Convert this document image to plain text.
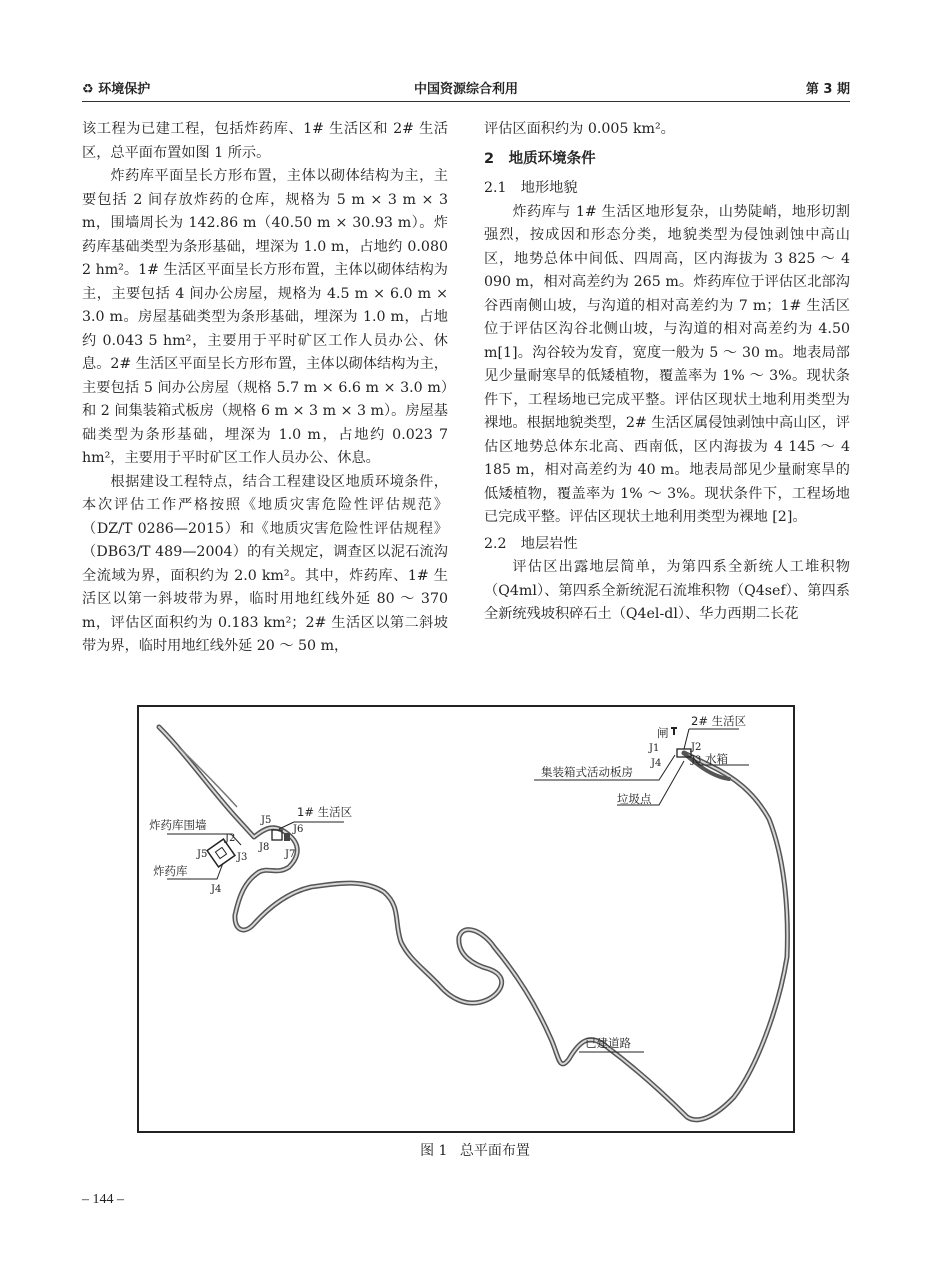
♻ 环境保护	中国资源综合利用	第 3 期

该工程为已建工程，包括炸药库、1# 生活区和 2# 生活区，总平面布置如图 1 所示。

炸药库平面呈长方形布置，主体以砌体结构为主，主要包括 2 间存放炸药的仓库，规格为 5 m × 3 m × 3 m，围墙周长为 142.86 m（40.50 m × 30.93 m）。炸药库基础类型为条形基础，埋深为 1.0 m，占地约 0.080 2 hm²。1# 生活区平面呈长方形布置，主体以砌体结构为主，主要包括 4 间办公房屋，规格为 4.5 m × 6.0 m × 3.0 m。房屋基础类型为条形基础，埋深为 1.0 m，占地约 0.043 5 hm²，主要用于平时矿区工作人员办公、休息。2# 生活区平面呈长方形布置，主体以砌体结构为主，主要包括 5 间办公房屋（规格 5.7 m × 6.6 m × 3.0 m）和 2 间集装箱式板房（规格 6 m × 3 m × 3 m）。房屋基础类型为条形基础，埋深为 1.0 m，占地约 0.023 7 hm²，主要用于平时矿区工作人员办公、休息。

根据建设工程特点，结合工程建设区地质环境条件，本次评估工作严格按照《地质灾害危险性评估规范》（DZ/T 0286—2015）和《地质灾害危险性评估规程》（DB63/T 489—2004）的有关规定，调查区以泥石流沟全流域为界，面积约为 2.0 km²。其中，炸药库、1# 生活区以第一斜坡带为界，临时用地红线外延 80 ～ 370 m，评估区面积约为 0.183 km²；2# 生活区以第二斜坡带为界，临时用地红线外延 20 ～ 50 m，

评估区面积约为 0.005 km²。

2　地质环境条件

2.1　地形地貌

炸药库与 1# 生活区地形复杂，山势陡峭，地形切割强烈，按成因和形态分类，地貌类型为侵蚀剥蚀中高山区，地势总体中间低、四周高，区内海拔为 3 825 ～ 4 090 m，相对高差约为 265 m。炸药库位于评估区北部沟谷西南侧山坡，与沟道的相对高差约为 7 m；1# 生活区位于评估区沟谷北侧山坡，与沟道的相对高差约为 4.50 m[1]。沟谷较为发育，宽度一般为 5 ～ 30 m。地表局部见少量耐寒旱的低矮植物，覆盖率为 1% ～ 3%。现状条件下，工程场地已完成平整。评估区现状土地利用类型为裸地。根据地貌类型，2# 生活区属侵蚀剥蚀中高山区，评估区地势总体东北高、西南低，区内海拔为 4 145 ～ 4 185 m，相对高差约为 40 m。地表局部见少量耐寒旱的低矮植物，覆盖率为 1% ～ 3%。现状条件下，工程场地已完成平整。评估区现状土地利用类型为裸地 [2]。

2.2　地层岩性

评估区出露地层简单，为第四系全新统人工堆积物（Q4ml）、第四系全新统泥石流堆积物（Q4sef）、第四系全新统残坡积碎石土（Q4el-dl）、华力西期二长花

炸药库围墙
炸药库
1# 生活区
2# 生活区
闸
集装箱式活动板房
水箱
垃圾点
已建道路
J2
J5	J3
J4
J5
J6
J8
J7
J1	J2
J3
J4
图 1 总平面布置
– 144 –
